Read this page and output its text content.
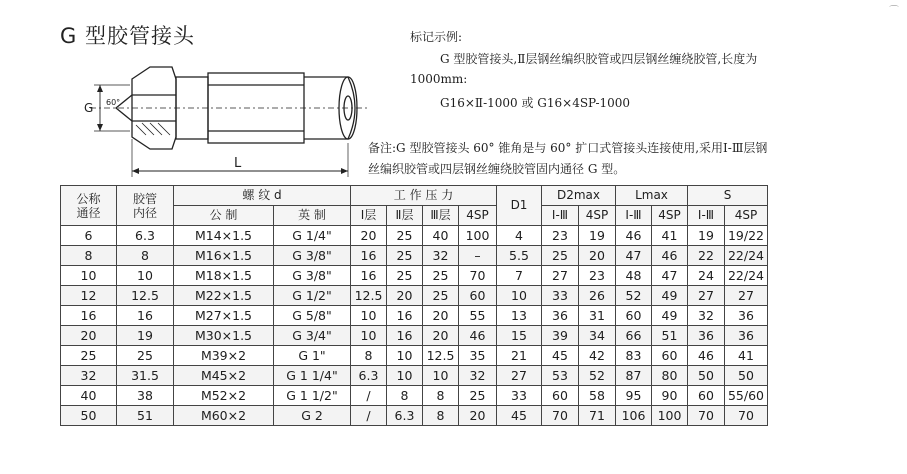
⌒
G 型胶管接头
G 60°
L
标记示例:
G 型胶管接头,Ⅱ层钢丝编织胶管或四层钢丝缠绕胶管,长度为
1000mm:
G16×Ⅱ-1000 或 G16×4SP-1000
备注:G 型胶管接头 60° 锥角是与 60° 扩口式管接头连接使用,采用Ⅰ-Ⅲ层钢
丝编织胶管或四层钢丝缠绕胶管固内通径 G 型。
公称
通径	胶管
内径	螺 纹 d		工 作 压 力				D1	D2max		Lmax		S	
		公 制	英 制	Ⅰ层	Ⅱ层	Ⅲ层	4SP		Ⅰ-Ⅲ	4SP	Ⅰ-Ⅲ	4SP	Ⅰ-Ⅲ	4SP
6	6.3	M14×1.5	G 1/4"	20	25	40	100	4	23	19	46	41	19	19/22
8	8	M16×1.5	G 3/8"	16	25	32	–	5.5	25	20	47	46	22	22/24
10	10	M18×1.5	G 3/8"	16	25	25	70	7	27	23	48	47	24	22/24
12	12.5	M22×1.5	G 1/2"	12.5	20	25	60	10	33	26	52	49	27	27
16	16	M27×1.5	G 5/8"	10	16	20	55	13	36	31	60	49	32	36
20	19	M30×1.5	G 3/4"	10	16	20	46	15	39	34	66	51	36	36
25	25	M39×2	G 1"	8	10	12.5	35	21	45	42	83	60	46	41
32	31.5	M45×2	G 1 1/4"	6.3	10	10	32	27	53	52	87	80	50	50
40	38	M52×2	G 1 1/2"	/	8	8	25	33	60	58	95	90	60	55/60
50	51	M60×2	G 2	/	6.3	8	20	45	70	71	106	100	70	70
